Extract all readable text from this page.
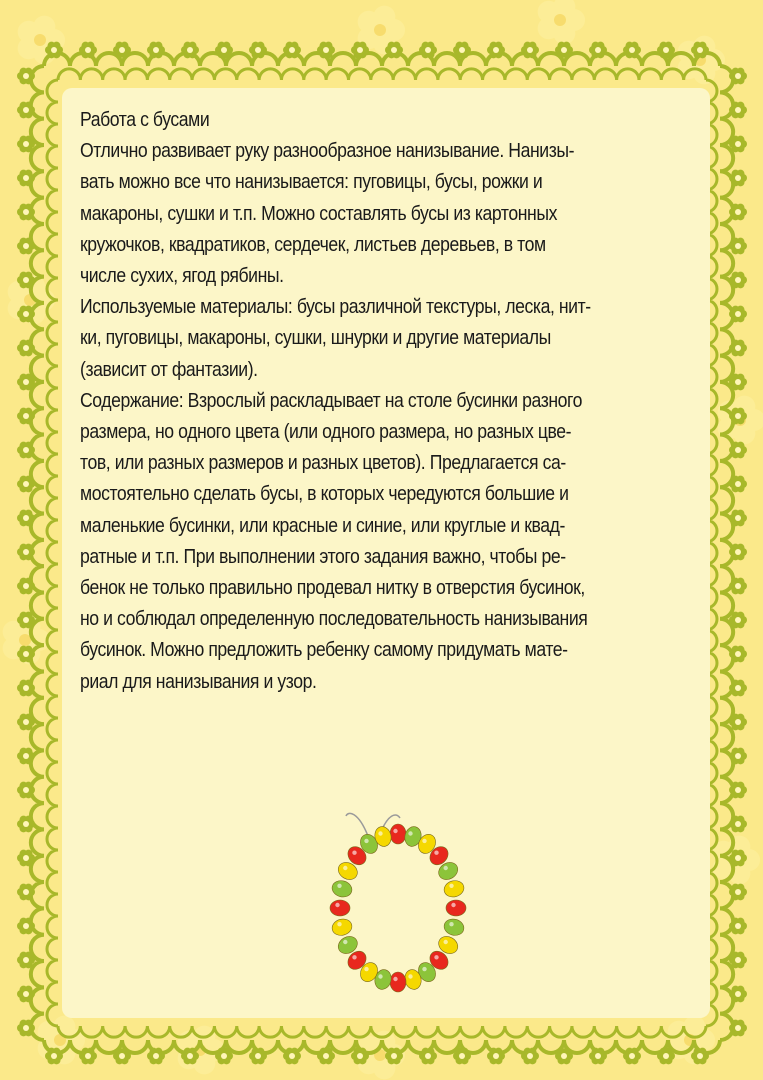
Работа с бусами
Отлично развивает руку разнообразное нанизывание. Нанизы-
вать можно все что нанизывается: пуговицы, бусы, рожки и
макароны, сушки и т.п. Можно составлять бусы из картонных
кружочков, квадратиков, сердечек, листьев деревьев, в том
числе сухих, ягод рябины.
Используемые материалы: бусы различной текстуры, леска, нит-
ки, пуговицы, макароны, сушки, шнурки и другие материалы
(зависит от фантазии).
Содержание: Взрослый раскладывает на столе бусинки разного
размера, но одного цвета (или одного размера, но разных цве-
тов, или разных размеров и разных цветов). Предлагается са-
мостоятельно сделать бусы, в которых чередуются большие и
маленькие бусинки, или красные и синие, или круглые и квад-
ратные и т.п. При выполнении этого задания важно, чтобы ре-
бенок не только правильно продевал нитку в отверстия бусинок,
но и соблюдал определенную последовательность нанизывания
бусинок. Можно предложить ребенку самому придумать мате-
риал для нанизывания и узор.
